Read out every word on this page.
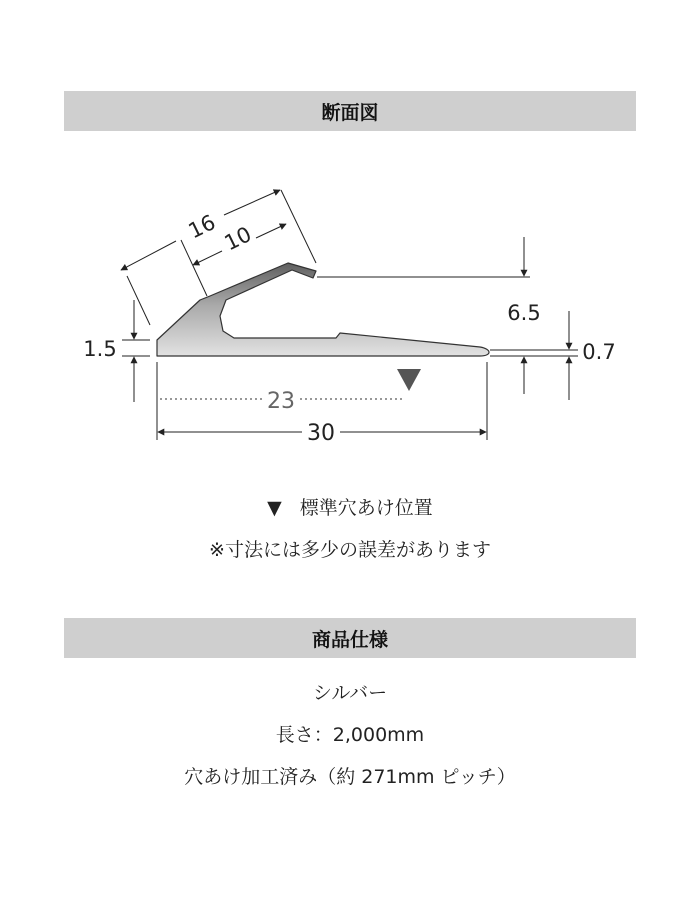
断面図
16 10
6.5
1.5	0.7
23
30
▼ 標準穴あけ位置
※寸法には多少の誤差があります
商品仕様
シルバー
長さ：2,000mm
穴あけ加工済み（約 271mm ピッチ）
